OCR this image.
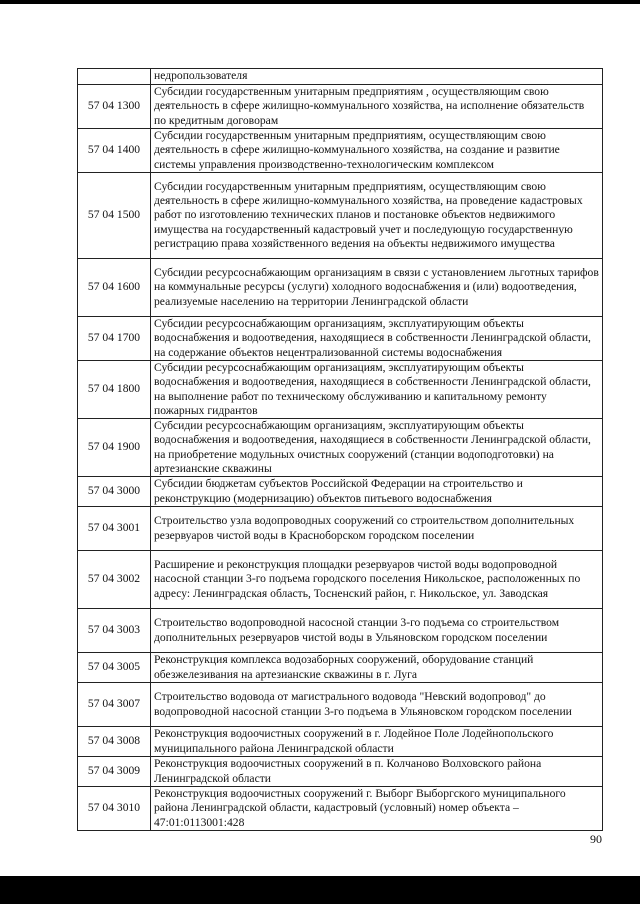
	недропользователя
57 04 1300	Субсидии государственным унитарным предприятиям , осуществляющим свою деятельность в сфере жилищно-коммунального хозяйства, на исполнение обязательств по кредитным договорам
57 04 1400	Субсидии государственным унитарным предприятиям, осуществляющим свою деятельность в сфере жилищно-коммунального хозяйства, на создание и развитие системы управления производственно-технологическим комплексом
57 04 1500	Субсидии государственным унитарным предприятиям, осуществляющим свою деятельность в сфере жилищно-коммунального хозяйства, на проведение кадастровых работ по изготовлению технических планов и постановке объектов недвижимого имущества на государственный кадастровый учет и последующую государственную регистрацию права хозяйственного ведения на объекты недвижимого имущества
57 04 1600	Субсидии ресурсоснабжающим организациям в связи с установлением льготных тарифов на коммунальные ресурсы (услуги) холодного водоснабжения и (или) водоотведения, реализуемые населению на территории Ленинградской области
57 04 1700	Субсидии ресурсоснабжающим организациям, эксплуатирующим объекты водоснабжения и водоотведения, находящиеся в собственности Ленинградской области, на содержание объектов нецентрализованной системы водоснабжения
57 04 1800	Субсидии ресурсоснабжающим организациям, эксплуатирующим объекты водоснабжения и водоотведения, находящиеся в собственности Ленинградской области, на выполнение работ по техническому обслуживанию и капитальному ремонту пожарных гидрантов
57 04 1900	Субсидии ресурсоснабжающим организациям, эксплуатирующим объекты водоснабжения и водоотведения, находящиеся в собственности Ленинградской области, на приобретение модульных очистных сооружений (станции водоподготовки) на артезианские скважины
57 04 3000	Субсидии бюджетам субъектов Российской Федерации на строительство и реконструкцию (модернизацию) объектов питьевого водоснабжения
57 04 3001	Строительство узла водопроводных сооружений со строительством дополнительных резервуаров чистой воды в Красноборском городском поселении
57 04 3002	Расширение и реконструкция площадки резервуаров чистой воды водопроводной насосной станции 3-го подъема городского поселения Никольское, расположенных по адресу: Ленинградская область, Тосненский район, г. Никольское, ул. Заводская
57 04 3003	Строительство водопроводной насосной станции 3-го подъема со строительством дополнительных резервуаров чистой воды в Ульяновском городском поселении
57 04 3005	Реконструкция комплекса водозаборных сооружений, оборудование станций обезжелезивания на артезианские скважины в г. Луга
57 04 3007	Строительство водовода от магистрального водовода "Невский водопровод" до водопроводной насосной станции 3-го подъема в Ульяновском городском поселении
57 04 3008	Реконструкция водоочистных сооружений в г. Лодейное Поле Лодейнопольского муниципального района Ленинградской области
57 04 3009	Реконструкция водоочистных сооружений в п. Колчаново Волховского района Ленинградской области
57 04 3010	Реконструкция водоочистных сооружений г. Выборг Выборгского муниципального района Ленинградской области, кадастровый (условный) номер объекта – 47:01:0113001:428
90
